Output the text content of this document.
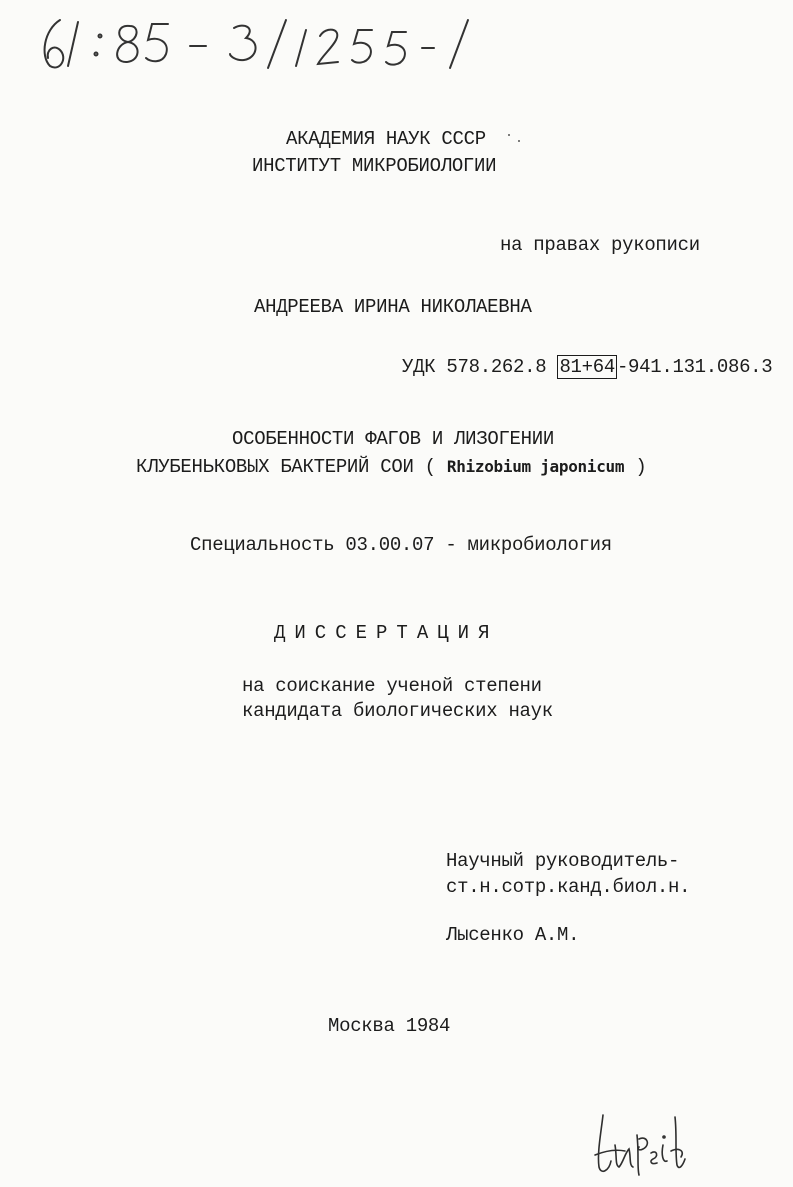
61:85-3/1255-1
АКАДЕМИЯ НАУК СССР
ИНСТИТУТ МИКРОБИОЛОГИИ
на правах рукописи
АНДРЕЕВА ИРИНА НИКОЛАЕВНА
УДК 578.262.8 81+64 -941.131.086.3
ОСОБЕННОСТИ ФАГОВ И ЛИЗОГЕНИИ
КЛУБЕНЬКОВЫХ БАКТЕРИЙ СОИ ( Rhizobium japonicum )
Специальность 03.00.07 - микробиология
ДИССЕРТАЦИЯ
на соискание ученой степени
кандидата биологических наук
Научный руководитель-
ст.н.сотр.канд.биол.н.
Лысенко А.М.
Москва 1984
Andreeva
